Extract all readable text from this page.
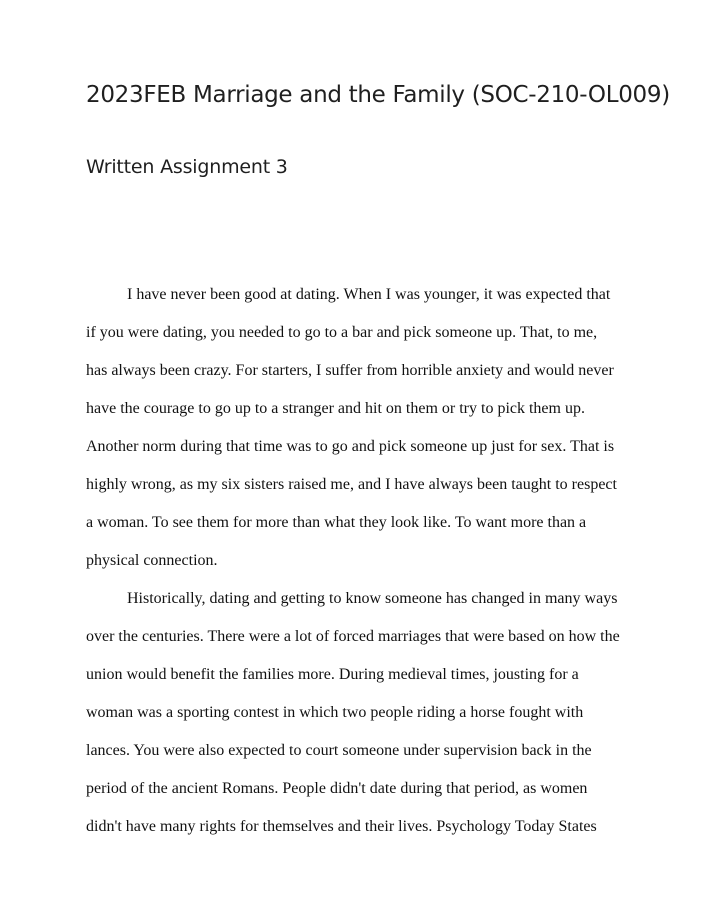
2023FEB Marriage and the Family (SOC-210-OL009)
Written Assignment 3
I have never been good at dating. When I was younger, it was expected that
if you were dating, you needed to go to a bar and pick someone up. That, to me,
has always been crazy. For starters, I suffer from horrible anxiety and would never
have the courage to go up to a stranger and hit on them or try to pick them up.
Another norm during that time was to go and pick someone up just for sex. That is
highly wrong, as my six sisters raised me, and I have always been taught to respect
a woman. To see them for more than what they look like. To want more than a
physical connection.
Historically, dating and getting to know someone has changed in many ways
over the centuries. There were a lot of forced marriages that were based on how the
union would benefit the families more. During medieval times, jousting for a
woman was a sporting contest in which two people riding a horse fought with
lances. You were also expected to court someone under supervision back in the
period of the ancient Romans. People didn't date during that period, as women
didn't have many rights for themselves and their lives. Psychology Today States
